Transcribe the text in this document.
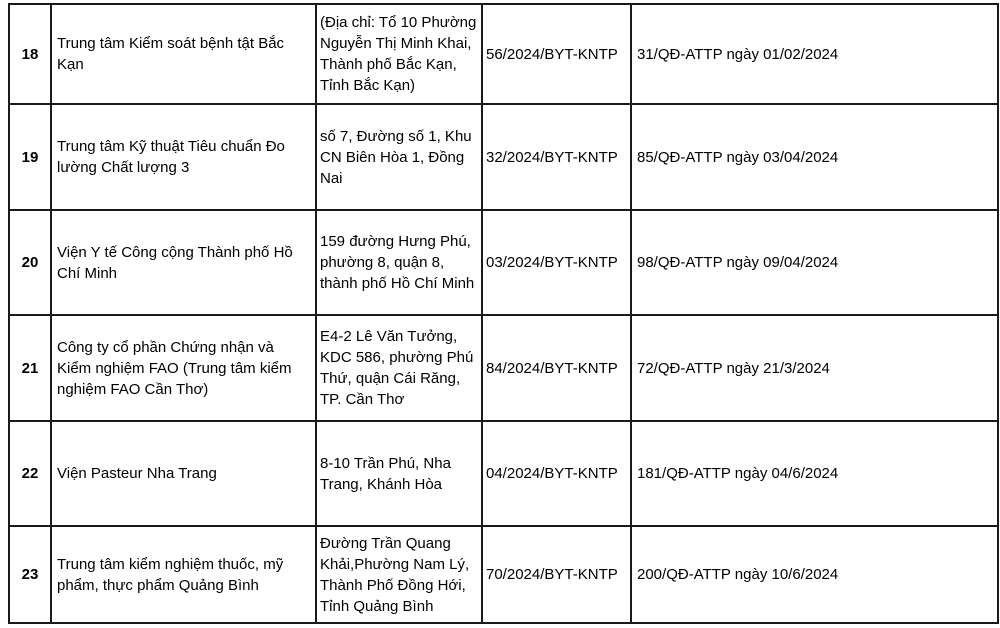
18	Trung tâm Kiểm soát bệnh tật Bắc Kạn	(Địa chỉ: Tổ 10 Phường Nguyễn Thị Minh Khai, Thành phố Bắc Kạn, Tỉnh Bắc Kạn)	56/2024/BYT-KNTP	31/QĐ-ATTP ngày 01/02/2024
19	Trung tâm Kỹ thuật Tiêu chuẩn Đo lường Chất lượng 3	số 7, Đường số 1, Khu CN Biên Hòa 1, Đồng Nai	32/2024/BYT-KNTP	85/QĐ-ATTP ngày 03/04/2024
20	Viện Y tế Công cộng Thành phố Hồ Chí Minh	159 đường Hưng Phú, phường 8, quận 8, thành phố Hồ Chí Minh	03/2024/BYT-KNTP	98/QĐ-ATTP ngày 09/04/2024
21	Công ty cổ phần Chứng nhận và Kiểm nghiệm FAO (Trung tâm kiểm nghiệm FAO Cần Thơ)	E4-2 Lê Văn Tưởng, KDC 586, phường Phú Thứ, quận Cái Răng, TP. Cần Thơ	84/2024/BYT-KNTP	72/QĐ-ATTP ngày 21/3/2024
22	Viện Pasteur Nha Trang	8-10 Trần Phú, Nha Trang, Khánh Hòa	04/2024/BYT-KNTP	181/QĐ-ATTP ngày 04/6/2024
23	Trung tâm kiểm nghiệm thuốc, mỹ phẩm, thực phẩm Quảng Bình	Đường Trần Quang Khải,Phường Nam Lý, Thành Phố Đồng Hới, Tỉnh Quảng Bình	70/2024/BYT-KNTP	200/QĐ-ATTP ngày 10/6/2024
